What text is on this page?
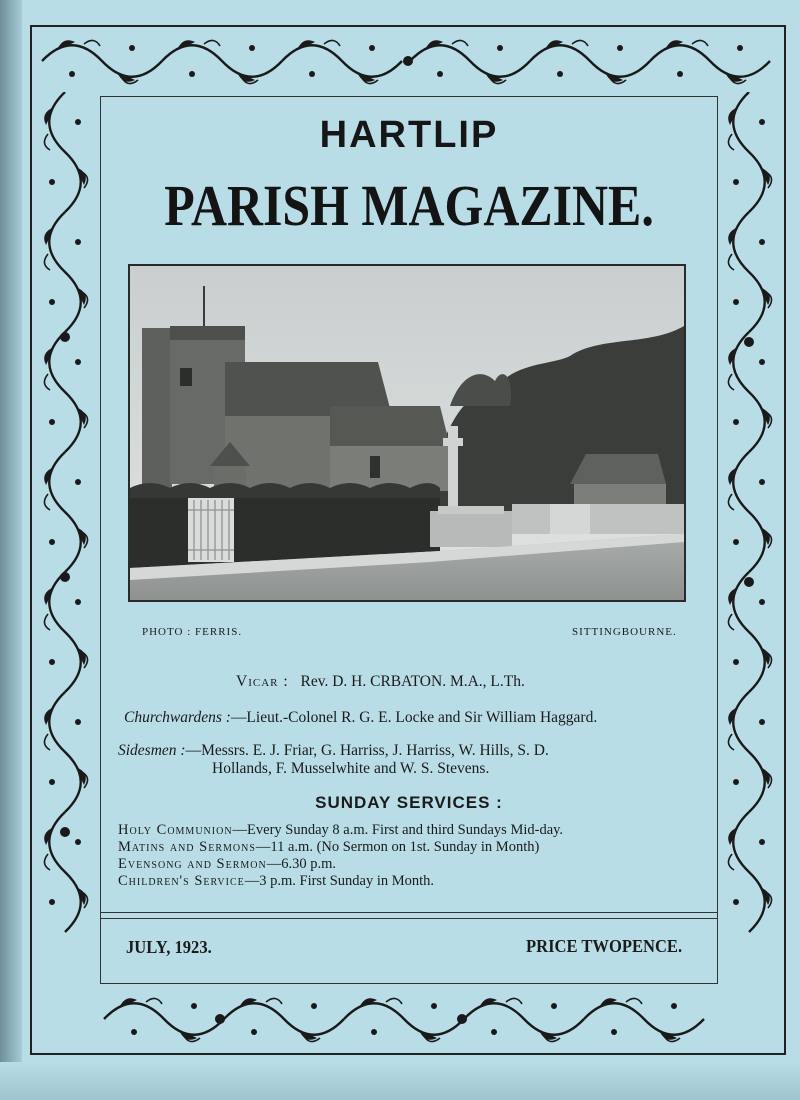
HARTLIP
PARISH MAGAZINE.
PHOTO : FERRIS.	SITTINGBOURNE.
Vicar : Rev. D. H. CRBATON. M.A., L.Th.
Churchwardens :—Lieut.-Colonel R. G. E. Locke and Sir William Haggard.
Sidesmen :—Messrs. E. J. Friar, G. Harriss, J. Harriss, W. Hills, S. D.
Hollands, F. Musselwhite and W. S. Stevens.
SUNDAY SERVICES :
Holy Communion—Every Sunday 8 a.m. First and third Sundays Mid-day.
Matins and Sermons—11 a.m. (No Sermon on 1st. Sunday in Month)
Evensong and Sermon—6.30 p.m.
Children's Service—3 p.m. First Sunday in Month.
JULY, 1923.	PRICE TWOPENCE.
